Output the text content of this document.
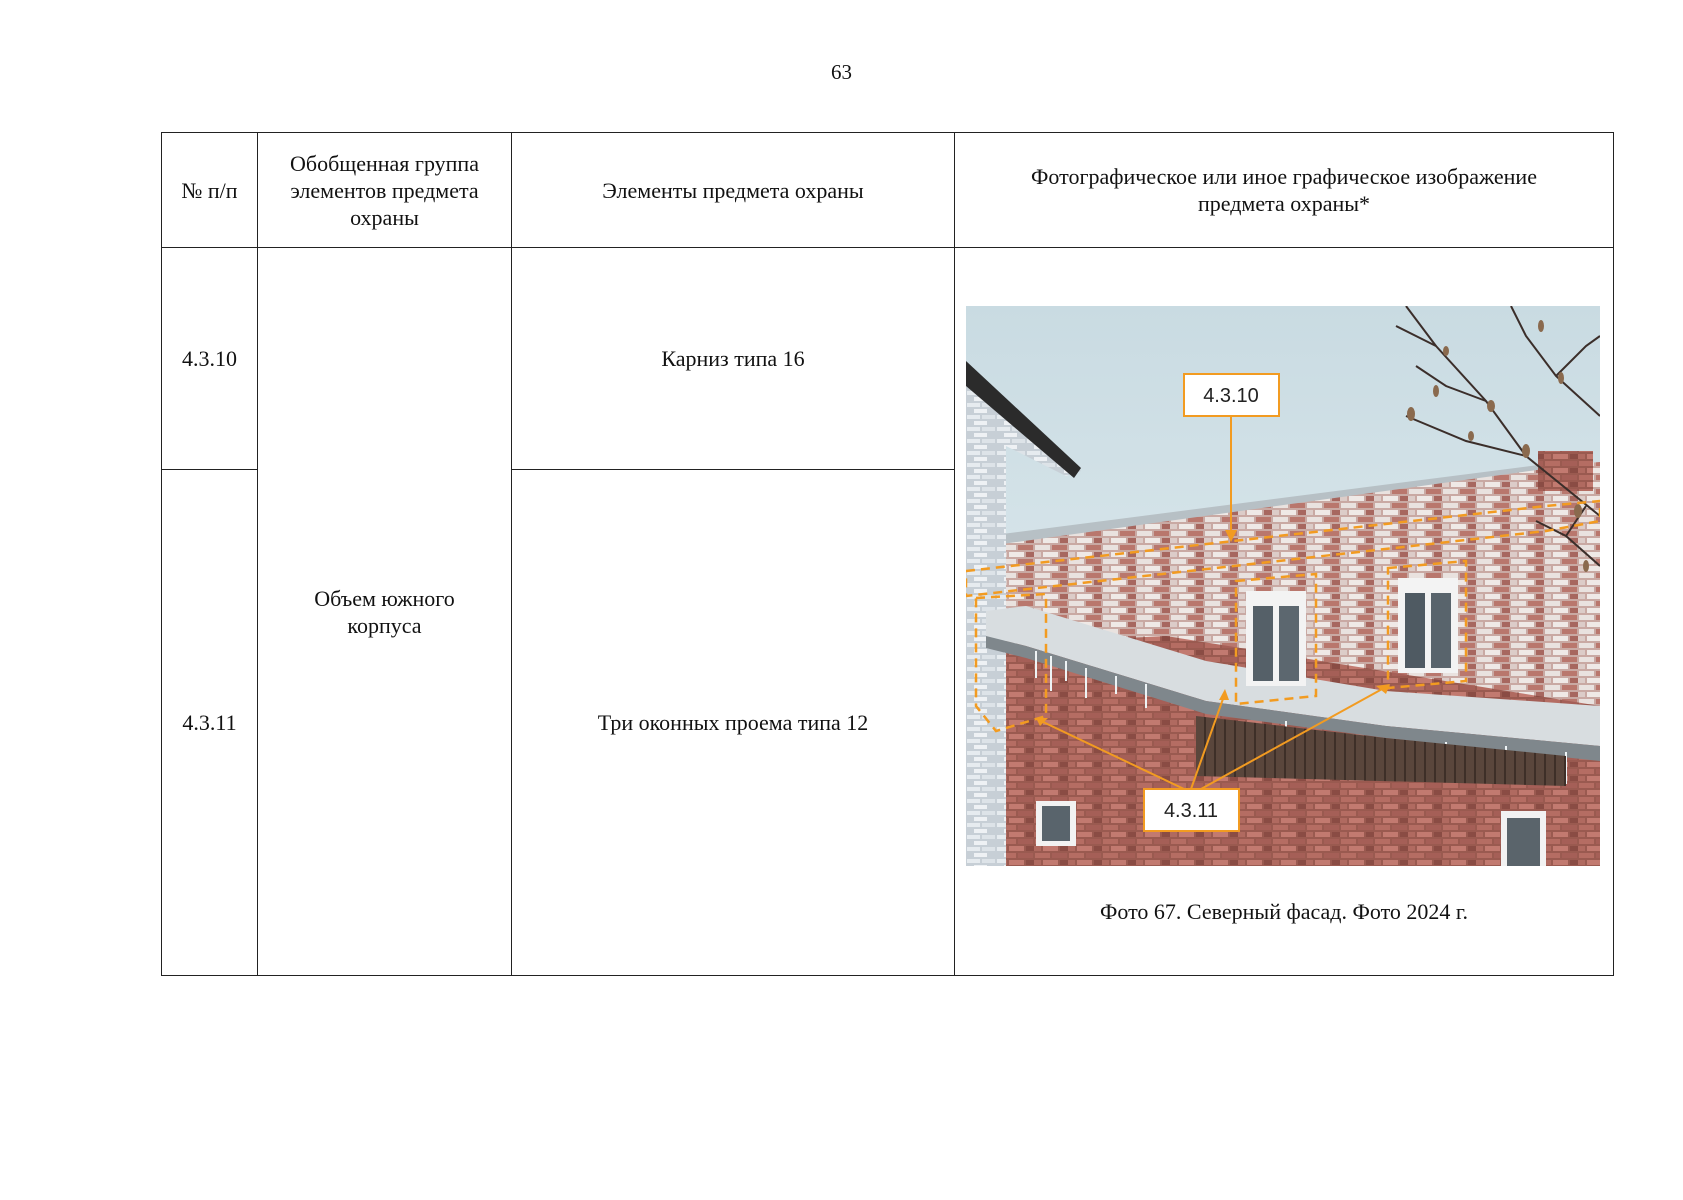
63
№ п/п	Обобщенная группа элементов предмета охраны	Элементы предмета охраны	Фотографическое или иное графическое изображение предмета охраны*
4.3.10	Объем южного корпуса	Карниз типа 16	4.3.10
4.3.11
Фото 67. Северный фасад. Фото 2024 г.

4.3.11		Три оконных проема типа 12	
